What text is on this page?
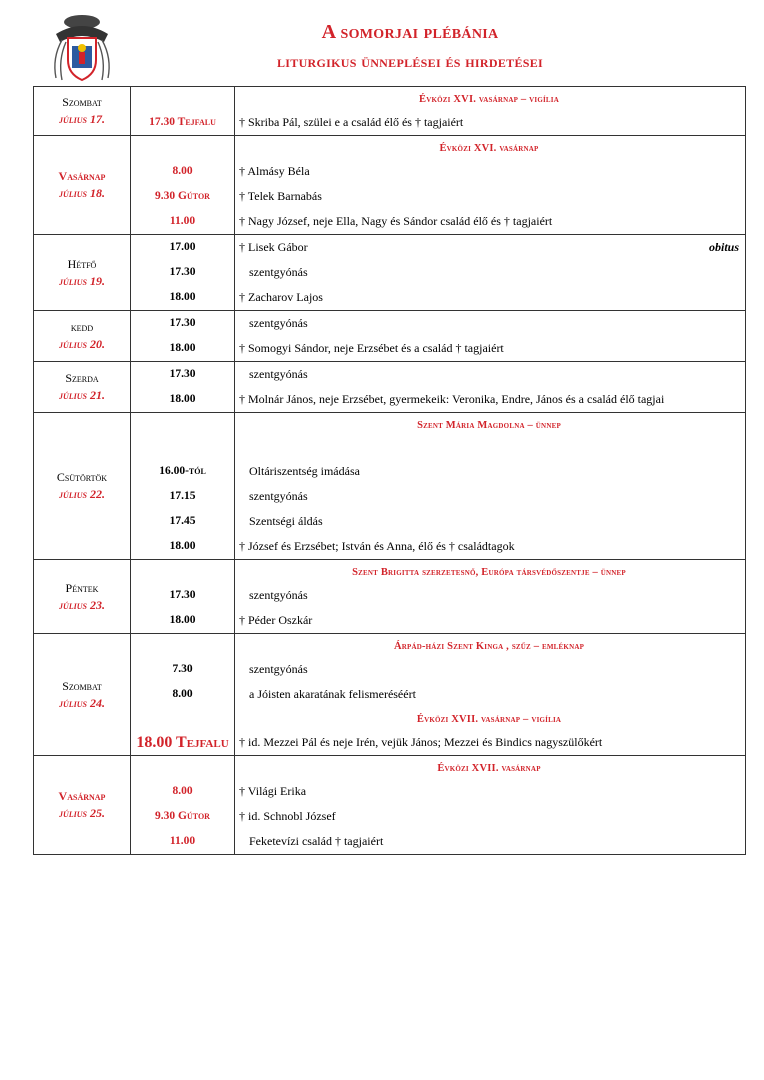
A somorjai plébánia
liturgikus ünneplései és hirdetései
Szombat
július 17.	17.30 Tejfalu
Évközi XVI. vasárnap – vigília
† Skriba Pál, szülei e a család élő és † tagjaiért
Vasárnap
július 18.
8.00
9.30 Gútor
11.00
Évközi XVI. vasárnap
† Almásy Béla
† Telek Barnabás
† Nagy József, neje Ella, Nagy és Sándor család élő és † tagjaiért
Hétfő
július 19.
17.00
17.30
18.00
† Lisek Gábor	obitus
szentgyónás
† Zacharov Lajos
kedd
július 20.
17.30
18.00
szentgyónás
† Somogyi Sándor, neje Erzsébet és a család † tagjaiért
Szerda
július 21.
17.30
18.00
szentgyónás
† Molnár János, neje Erzsébet, gyermekeik: Veronika, Endre, János és a család élő tagjai
Csütörtök
július 22.
16.00-tól
17.15
17.45
18.00
Szent Mária Magdolna – ünnep
Oltáriszentség imádása
szentgyónás
Szentségi áldás
† József és Erzsébet; István és Anna, élő és † családtagok
Péntek
július 23.
17.30
18.00
Szent Brigitta szerzetesnő, Európa társvédőszentje – ünnep
szentgyónás
† Péder Oszkár
Szombat
július 24.
7.30
8.00
18.00 Tejfalu
Árpád-házi Szent Kinga , szűz – emléknap
szentgyónás
a Jóisten akaratának felismeréséért
Évközi XVII. vasárnap – vigília
† id. Mezzei Pál és neje Irén, vejük János; Mezzei és Bindics nagyszülőkért
Vasárnap
július 25.
8.00
9.30 Gútor
11.00
Évközi XVII. vasárnap
† Világi Erika
† id. Schnobl József
Feketevízi család † tagjaiért
